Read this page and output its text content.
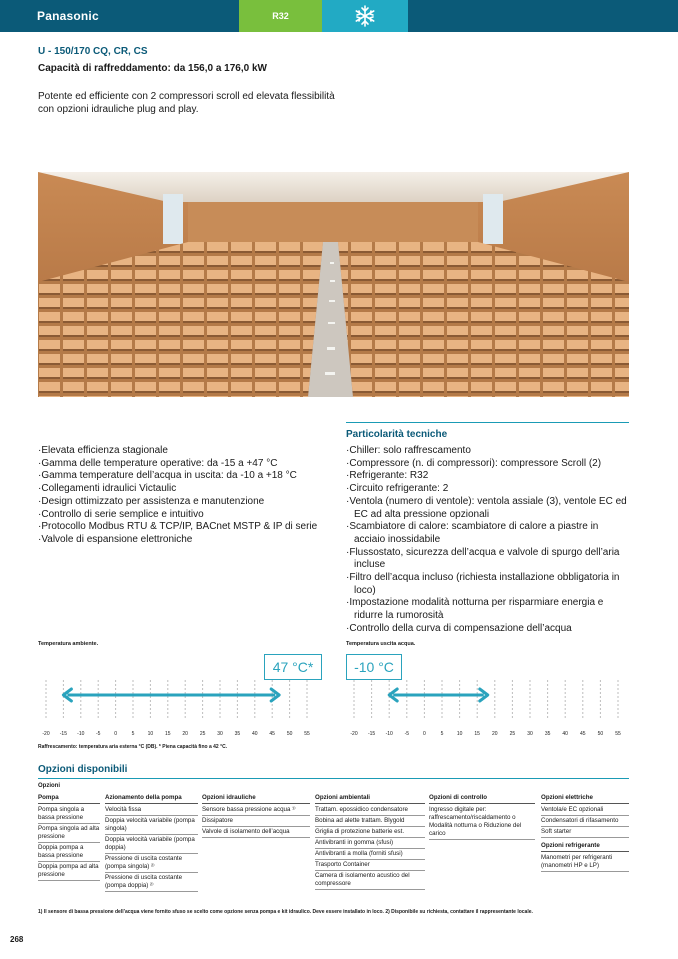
Panasonic	R32
U - 150/170 CQ, CR, CS
Capacità di raffreddamento: da 156,0 a 176,0 kW
Potente ed efficiente con 2 compressori scroll ed elevata flessibilità con opzioni idrauliche plug and play.
· Elevata efficienza stagionale
· Gamma delle temperature operative: da -15 a +47 °C
· Gamma temperature dell’acqua in uscita: da -10 a +18 °C
· Collegamenti idraulici Victaulic
· Design ottimizzato per assistenza e manutenzione
· Controllo di serie semplice e intuitivo
· Protocollo Modbus RTU & TCP/IP, BACnet MSTP & IP di serie
· Valvole di espansione elettroniche
Particolarità tecniche
· Chiller: solo raffrescamento
· Compressore (n. di compressori): compressore Scroll (2)
· Refrigerante: R32
· Circuito refrigerante: 2
· Ventola (numero di ventole): ventola assiale (3), ventole EC ed EC ad alta pressione opzionali
· Scambiatore di calore: scambiatore di calore a piastre in acciaio inossidabile
· Flussostato, sicurezza dell’acqua e valvole di spurgo dell’aria incluse
· Filtro dell’acqua incluso (richiesta installazione obbligatoria in loco)
· Impostazione modalità notturna per risparmiare energia e ridurre la rumorosità
· Controllo della curva di compensazione dell’acqua
Temperatura ambiente.	Temperatura uscita acqua.
47 °C*	-10 °C
-20	-15	-10	-5	0	5	10	15	20	25	30	35	40	45	50	55	-20	-15	-10	-5	0	5	10	15	20	25	30	35	40	45	50	55
Raffrescamento: temperatura aria esterna °C (DB). * Piena capacità fino a 42 °C.
Opzioni disponibili
Opzioni
Pompa
Pompa singola a bassa pressione
Pompa singola ad alta pressione
Doppia pompa a bassa pressione
Doppia pompa ad alta pressione
Azionamento della pompa
Velocità fissa
Doppia velocità variabile (pompa singola)
Doppia velocità variabile (pompa doppia)
Pressione di uscita costante (pompa singola) ²⁾
Pressione di uscita costante (pompa doppia) ²⁾
Opzioni idrauliche
Sensore bassa pressione acqua ¹⁾
Dissipatore
Valvole di isolamento dell’acqua
Opzioni ambientali
Trattam. epossidico condensatore
Bobina ad alette trattam. Blygold
Griglia di protezione batterie est.
Antivibranti in gomma (sfusi)
Antivibranti a molla (forniti sfusi)
Trasporto Container
Camera di isolamento acustico del compressore
Opzioni di controllo
Ingresso digitale per: raffrescamento/riscaldamento o Modalità notturna o Riduzione del carico
Opzioni elettriche
Ventola/e EC opzionali
Condensatori di rifasamento
Soft starter
Opzioni refrigerante
Manometri per refrigeranti (manometri HP e LP)
1) Il sensore di bassa pressione dell’acqua viene fornito sfuso se scelto come opzione senza pompa e kit idraulico. Deve essere installato in loco. 2) Disponibile su richiesta, contattare il rappresentante locale.
268
